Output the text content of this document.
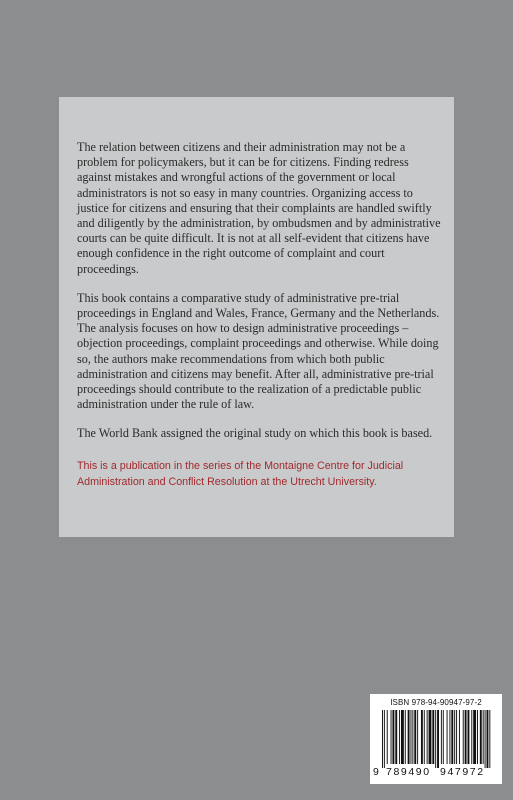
The relation between citizens and their administration may not be a problem for policymakers, but it can be for citizens. Finding redress against mistakes and wrongful actions of the government or local administrators is not so easy in many countries. Organizing access to justice for citizens and ensuring that their complaints are handled swiftly and diligently by the administration, by ombudsmen and by administrative courts can be quite difficult. It is not at all self-evident that citizens have enough confidence in the right outcome of complaint and court proceedings.

This book contains a comparative study of administrative pre-trial proceedings in England and Wales, France, Germany and the Netherlands. The analysis focuses on how to design administrative proceedings – objection proceedings, complaint proceedings and otherwise. While doing so, the authors make recommendations from which both public administration and citizens may benefit. After all, administrative pre-trial proceedings should contribute to the realization of a predictable public administration under the rule of law.

The World Bank assigned the original study on which this book is based.

This is a publication in the series of the Montaigne Centre for Judicial Administration and Conflict Resolution at the Utrecht University.

ISBN 978-94-90947-97-2
9 789490 947972
